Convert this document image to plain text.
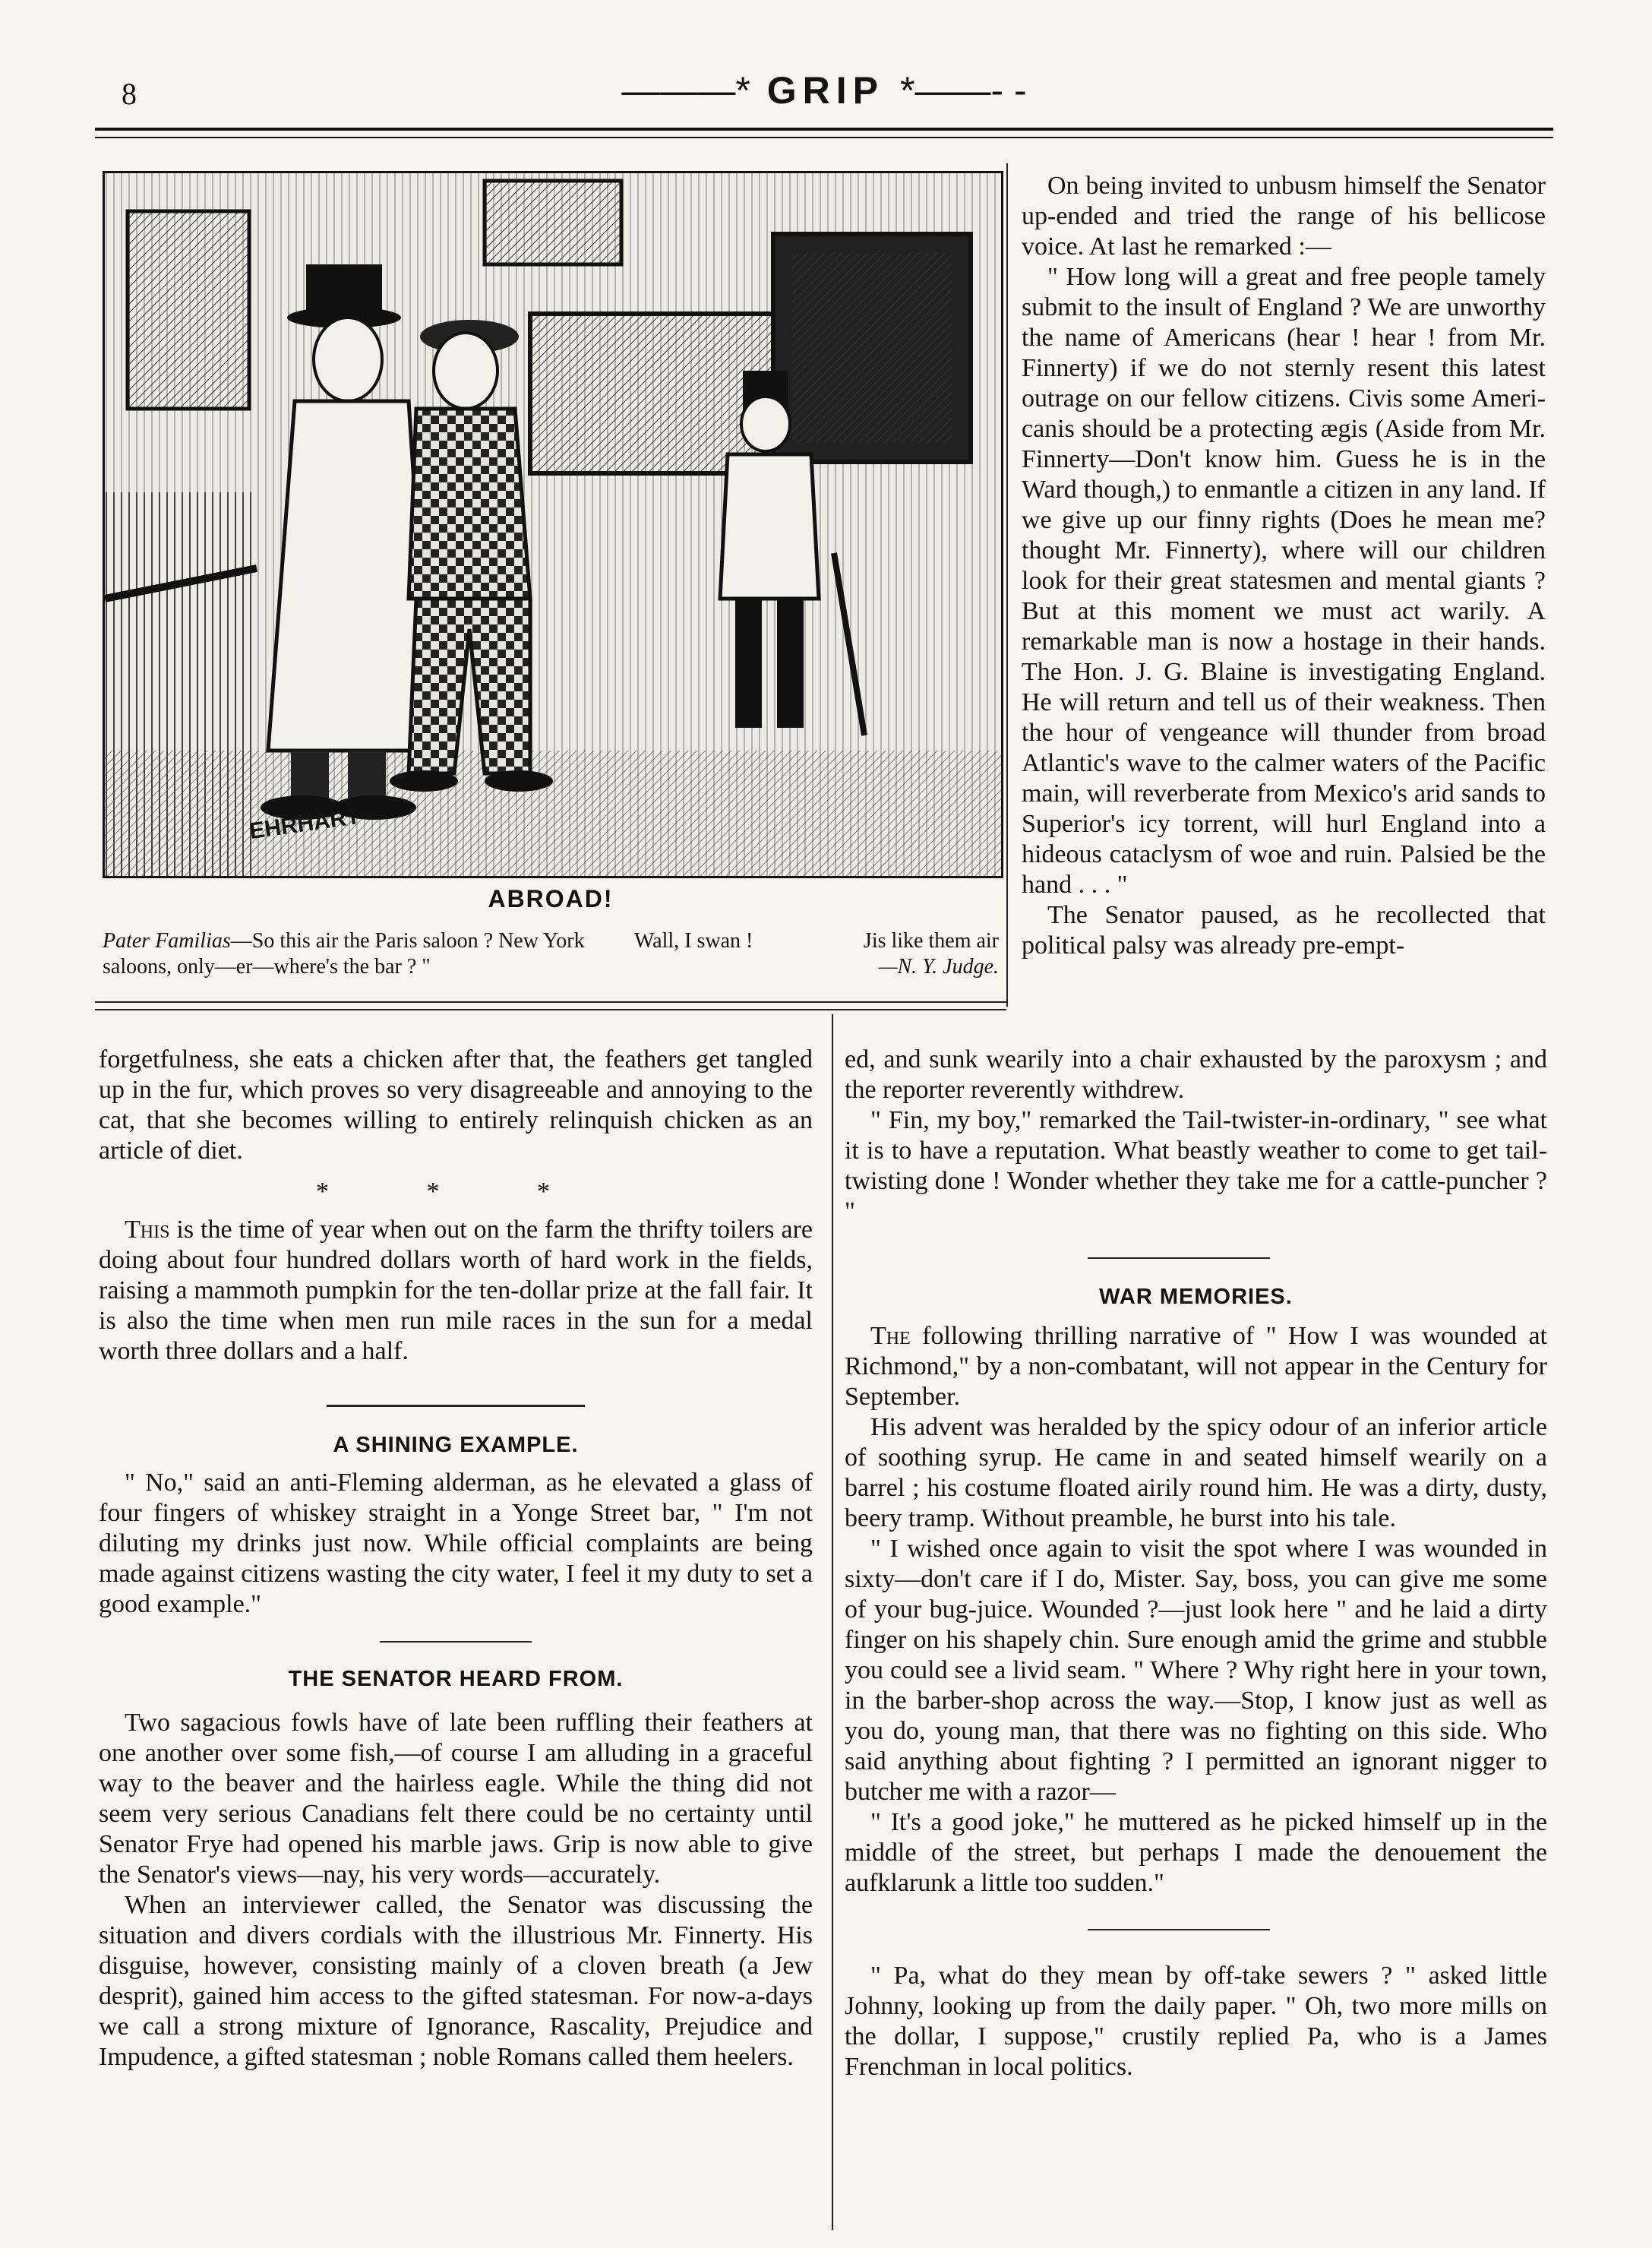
8	———* GRIP *——- -
EHRHART
ABROAD!
Pater Familias—So this air the Paris saloon ? New York saloons, only—er—where's the bar ? "
Wall, I swan !	Jis like them air
—N. Y. Judge.

On being invited to unbusm himself the Senator up-ended and tried the range of his bellicose voice. At last he remarked :—

" How long will a great and free people tamely submit to the insult of England ? We are unworthy the name of Americans (hear ! hear ! from Mr. Finnerty) if we do not sternly resent this latest outrage on our fellow citizens. Civis some Ameri-canis should be a protecting ægis (Aside from Mr. Finnerty—Don't know him. Guess he is in the Ward though,) to enmantle a citizen in any land. If we give up our finny rights (Does he mean me? thought Mr. Finnerty), where will our children look for their great statesmen and mental giants ? But at this moment we must act warily. A remarkable man is now a hostage in their hands. The Hon. J. G. Blaine is investigating England. He will return and tell us of their weakness. Then the hour of vengeance will thunder from broad Atlantic's wave to the calmer waters of the Pacific main, will reverberate from Mexico's arid sands to Superior's icy torrent, will hurl England into a hideous cataclysm of woe and ruin. Palsied be the hand . . . "

The Senator paused, as he recollected that political palsy was already pre-empt-

forgetfulness, she eats a chicken after that, the feathers get tangled up in the fur, which proves so very disagreeable and annoying to the cat, that she becomes willing to entirely relinquish chicken as an article of diet.

* * *

This is the time of year when out on the farm the thrifty toilers are doing about four hundred dollars worth of hard work in the fields, raising a mammoth pumpkin for the ten-dollar prize at the fall fair. It is also the time when men run mile races in the sun for a medal worth three dollars and a half.

A SHINING EXAMPLE.

" No," said an anti-Fleming alderman, as he elevated a glass of four fingers of whiskey straight in a Yonge Street bar, " I'm not diluting my drinks just now. While official complaints are being made against citizens wasting the city water, I feel it my duty to set a good example."

THE SENATOR HEARD FROM.

Two sagacious fowls have of late been ruffling their feathers at one another over some fish,—of course I am alluding in a graceful way to the beaver and the hairless eagle. While the thing did not seem very serious Canadians felt there could be no certainty until Senator Frye had opened his marble jaws. Grip is now able to give the Senator's views—nay, his very words—accurately.

When an interviewer called, the Senator was discussing the situation and divers cordials with the illustrious Mr. Finnerty. His disguise, however, consisting mainly of a cloven breath (a Jew desprit), gained him access to the gifted statesman. For now-a-days we call a strong mixture of Ignorance, Rascality, Prejudice and Impudence, a gifted statesman ; noble Romans called them heelers.

ed, and sunk wearily into a chair exhausted by the paroxysm ; and the reporter reverently withdrew.

" Fin, my boy," remarked the Tail-twister-in-ordinary, " see what it is to have a reputation. What beastly weather to come to get tail-twisting done ! Wonder whether they take me for a cattle-puncher ? "

WAR MEMORIES.

The following thrilling narrative of " How I was wounded at Richmond," by a non-combatant, will not appear in the Century for September.

His advent was heralded by the spicy odour of an inferior article of soothing syrup. He came in and seated himself wearily on a barrel ; his costume floated airily round him. He was a dirty, dusty, beery tramp. Without preamble, he burst into his tale.

" I wished once again to visit the spot where I was wounded in sixty—don't care if I do, Mister. Say, boss, you can give me some of your bug-juice. Wounded ?—just look here " and he laid a dirty finger on his shapely chin. Sure enough amid the grime and stubble you could see a livid seam. " Where ? Why right here in your town, in the barber-shop across the way.—Stop, I know just as well as you do, young man, that there was no fighting on this side. Who said anything about fighting ? I permitted an ignorant nigger to butcher me with a razor—

" It's a good joke," he muttered as he picked himself up in the middle of the street, but perhaps I made the denouement the aufklarunk a little too sudden."

" Pa, what do they mean by off-take sewers ? " asked little Johnny, looking up from the daily paper. " Oh, two more mills on the dollar, I suppose," crustily replied Pa, who is a James Frenchman in local politics.
